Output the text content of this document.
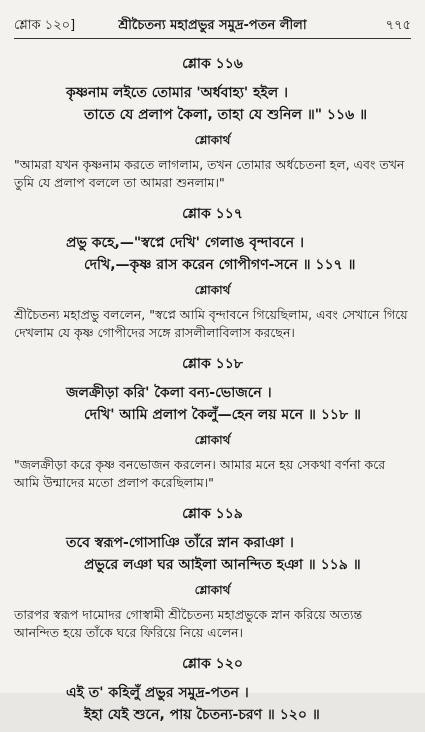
শ্লোক ১২০]	শ্রীচৈতন্য মহাপ্রভুর সমুদ্র-পতন লীলা	৭৭৫
শ্লোক ১১৬
কৃষ্ণনাম লইতে তোমার 'অর্ধবাহ্য' হইল ।
তাতে যে প্রলাপ কৈলা, তাহা যে শুনিল ॥" ১১৬ ॥
শ্লোকার্থ
"আমরা যখন কৃষ্ণনাম করতে লাগলাম, তখন তোমার অর্ধচেতনা হল, এবং তখন তুমি যে প্রলাপ বললে তা আমরা শুনলাম।"
শ্লোক ১১৭
প্রভু কহে,—"স্বপ্নে দেখি' গেলাঙ বৃন্দাবনে ।
দেখি,—কৃষ্ণ রাস করেন গোপীগণ-সনে ॥ ১১৭ ॥
শ্লোকার্থ
শ্রীচৈতন্য মহাপ্রভু বললেন, "স্বপ্নে আমি বৃন্দাবনে গিয়েছিলাম, এবং সেখানে গিয়ে দেখলাম যে কৃষ্ণ গোপীদের সঙ্গে রাসলীলাবিলাস করছেন।
শ্লোক ১১৮
জলক্রীড়া করি' কৈলা বন্য-ভোজনে ।
দেখি' আমি প্রলাপ কৈলুঁ—হেন লয় মনে ॥ ১১৮ ॥
শ্লোকার্থ
"জলক্রীড়া করে কৃষ্ণ বনভোজন করলেন। আমার মনে হয় সেকথা বর্ণনা করে আমি উন্মাদের মতো প্রলাপ করেছিলাম।"
শ্লোক ১১৯
তবে স্বরূপ-গোসাঞি তাঁরে স্নান করাঞা ।
প্রভুরে লঞা ঘর আইলা আনন্দিত হঞা ॥ ১১৯ ॥
শ্লোকার্থ
তারপর স্বরূপ দামোদর গোস্বামী শ্রীচৈতন্য মহাপ্রভুকে স্নান করিয়ে অত্যন্ত আনন্দিত হয়ে তাঁকে ঘরে ফিরিয়ে নিয়ে এলেন।
শ্লোক ১২০
এই ত' কহিলুঁ প্রভুর সমুদ্র-পতন ।
ইহা যেই শুনে, পায় চৈতন্য-চরণ ॥ ১২০ ॥
